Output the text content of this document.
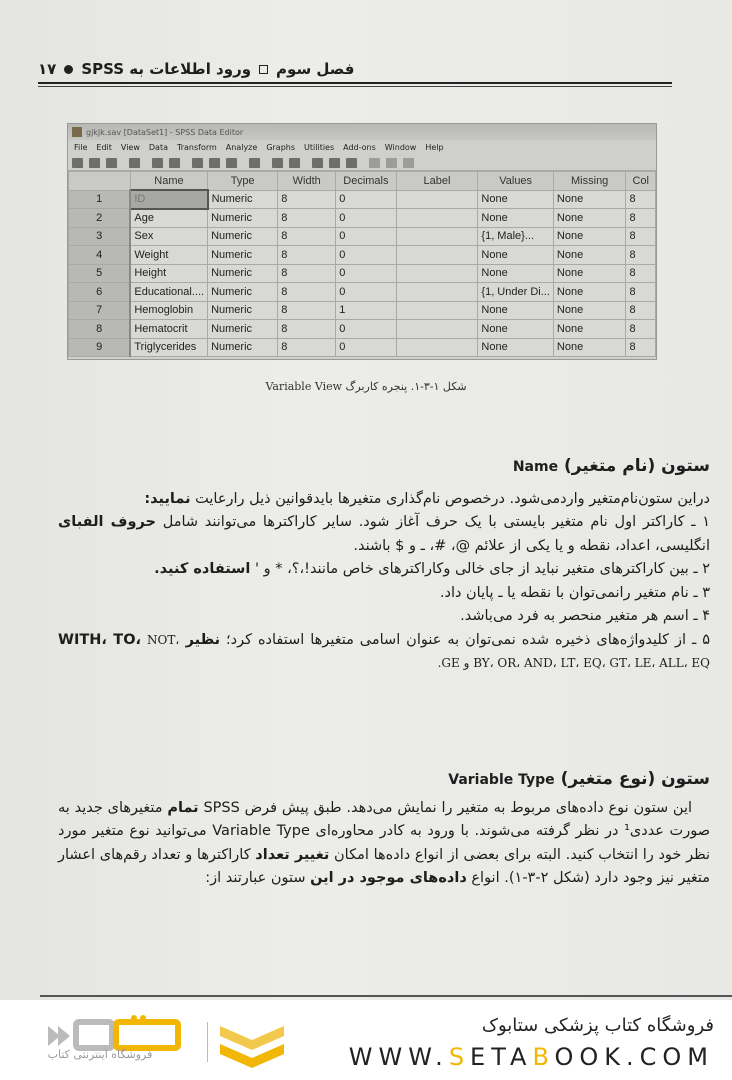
۱۷ ورود اطلاعات به SPSS فصل سوم
gjkjk.sav [DataSet1] - SPSS Data Editor
File Edit View Data Transform Analyze Graphs Utilities Add-ons Window Help
	Name	Type	Width	Decimals	Label	Values	Missing	Col
1	ID	Numeric	8	0		None	None	8
2	Age	Numeric	8	0		None	None	8
3	Sex	Numeric	8	0		{1, Male}...	None	8
4	Weight	Numeric	8	0		None	None	8
5	Height	Numeric	8	0		None	None	8
6	Educational....	Numeric	8	0		{1, Under Di...	None	8
7	Hemoglobin	Numeric	8	1		None	None	8
8	Hematocrit	Numeric	8	0		None	None	8
9	Triglycerides	Numeric	8	0		None	None	8
شکل ۱-۳-۱. پنجره کاربرگ Variable View
ستون (نام متغیر) Name
دراین ستون‌نام‌متغیر واردمی‌شود. درخصوص نام‌گذاری متغیرها بایدقوانین ذیل رارعایت نمایید:
۱ ـ کاراکتر اول نام متغیر بایستی با یک حرف آغاز شود. سایر کاراکترها می‌توانند شامل حروف الفبای انگلیسی، اعداد، نقطه و یا یکی از علائم @، #، ـ و $ باشند.
۲ ـ بین کاراکترهای متغیر نباید از جای خالی وکاراکترهای خاص مانند!،؟، * و ' استفاده کنید.
۳ ـ نام متغیر رانمی‌توان با نقطه یا ـ پایان داد.
۴ ـ اسم هر متغیر منحصر به فرد می‌باشد.
۵ ـ از کلیدواژه‌های ذخیره شده نمی‌توان به عنوان اسامی متغیرها استفاده کرد؛ نظیر WITH، TO، NOT، BY، OR، AND، LT، EQ، GT، LE، ALL، EQ و GE.
ستون (نوع متغیر) Variable Type
این ستون نوع داده‌های مربوط به متغیر را نمایش می‌دهد. طبق پیش فرض SPSS تمام متغیرهای جدید به صورت عددی¹ در نظر گرفته می‌شوند. با ورود به کادر محاوره‌ای Variable Type می‌توانید نوع متغیر مورد نظر خود را انتخاب کنید. البته برای بعضی از انواع داده‌ها امکان تغییر تعداد کاراکترها و تعداد رقم‌های اعشار متغیر نیز وجود دارد (شکل ۲-۳-۱). انواع داده‌های موجود در این ستون عبارتند از:
فروشگاه اینترنتی کتاب
فروشگاه کتاب پزشکی ستابوک
WWW.SETABOOK.COM
